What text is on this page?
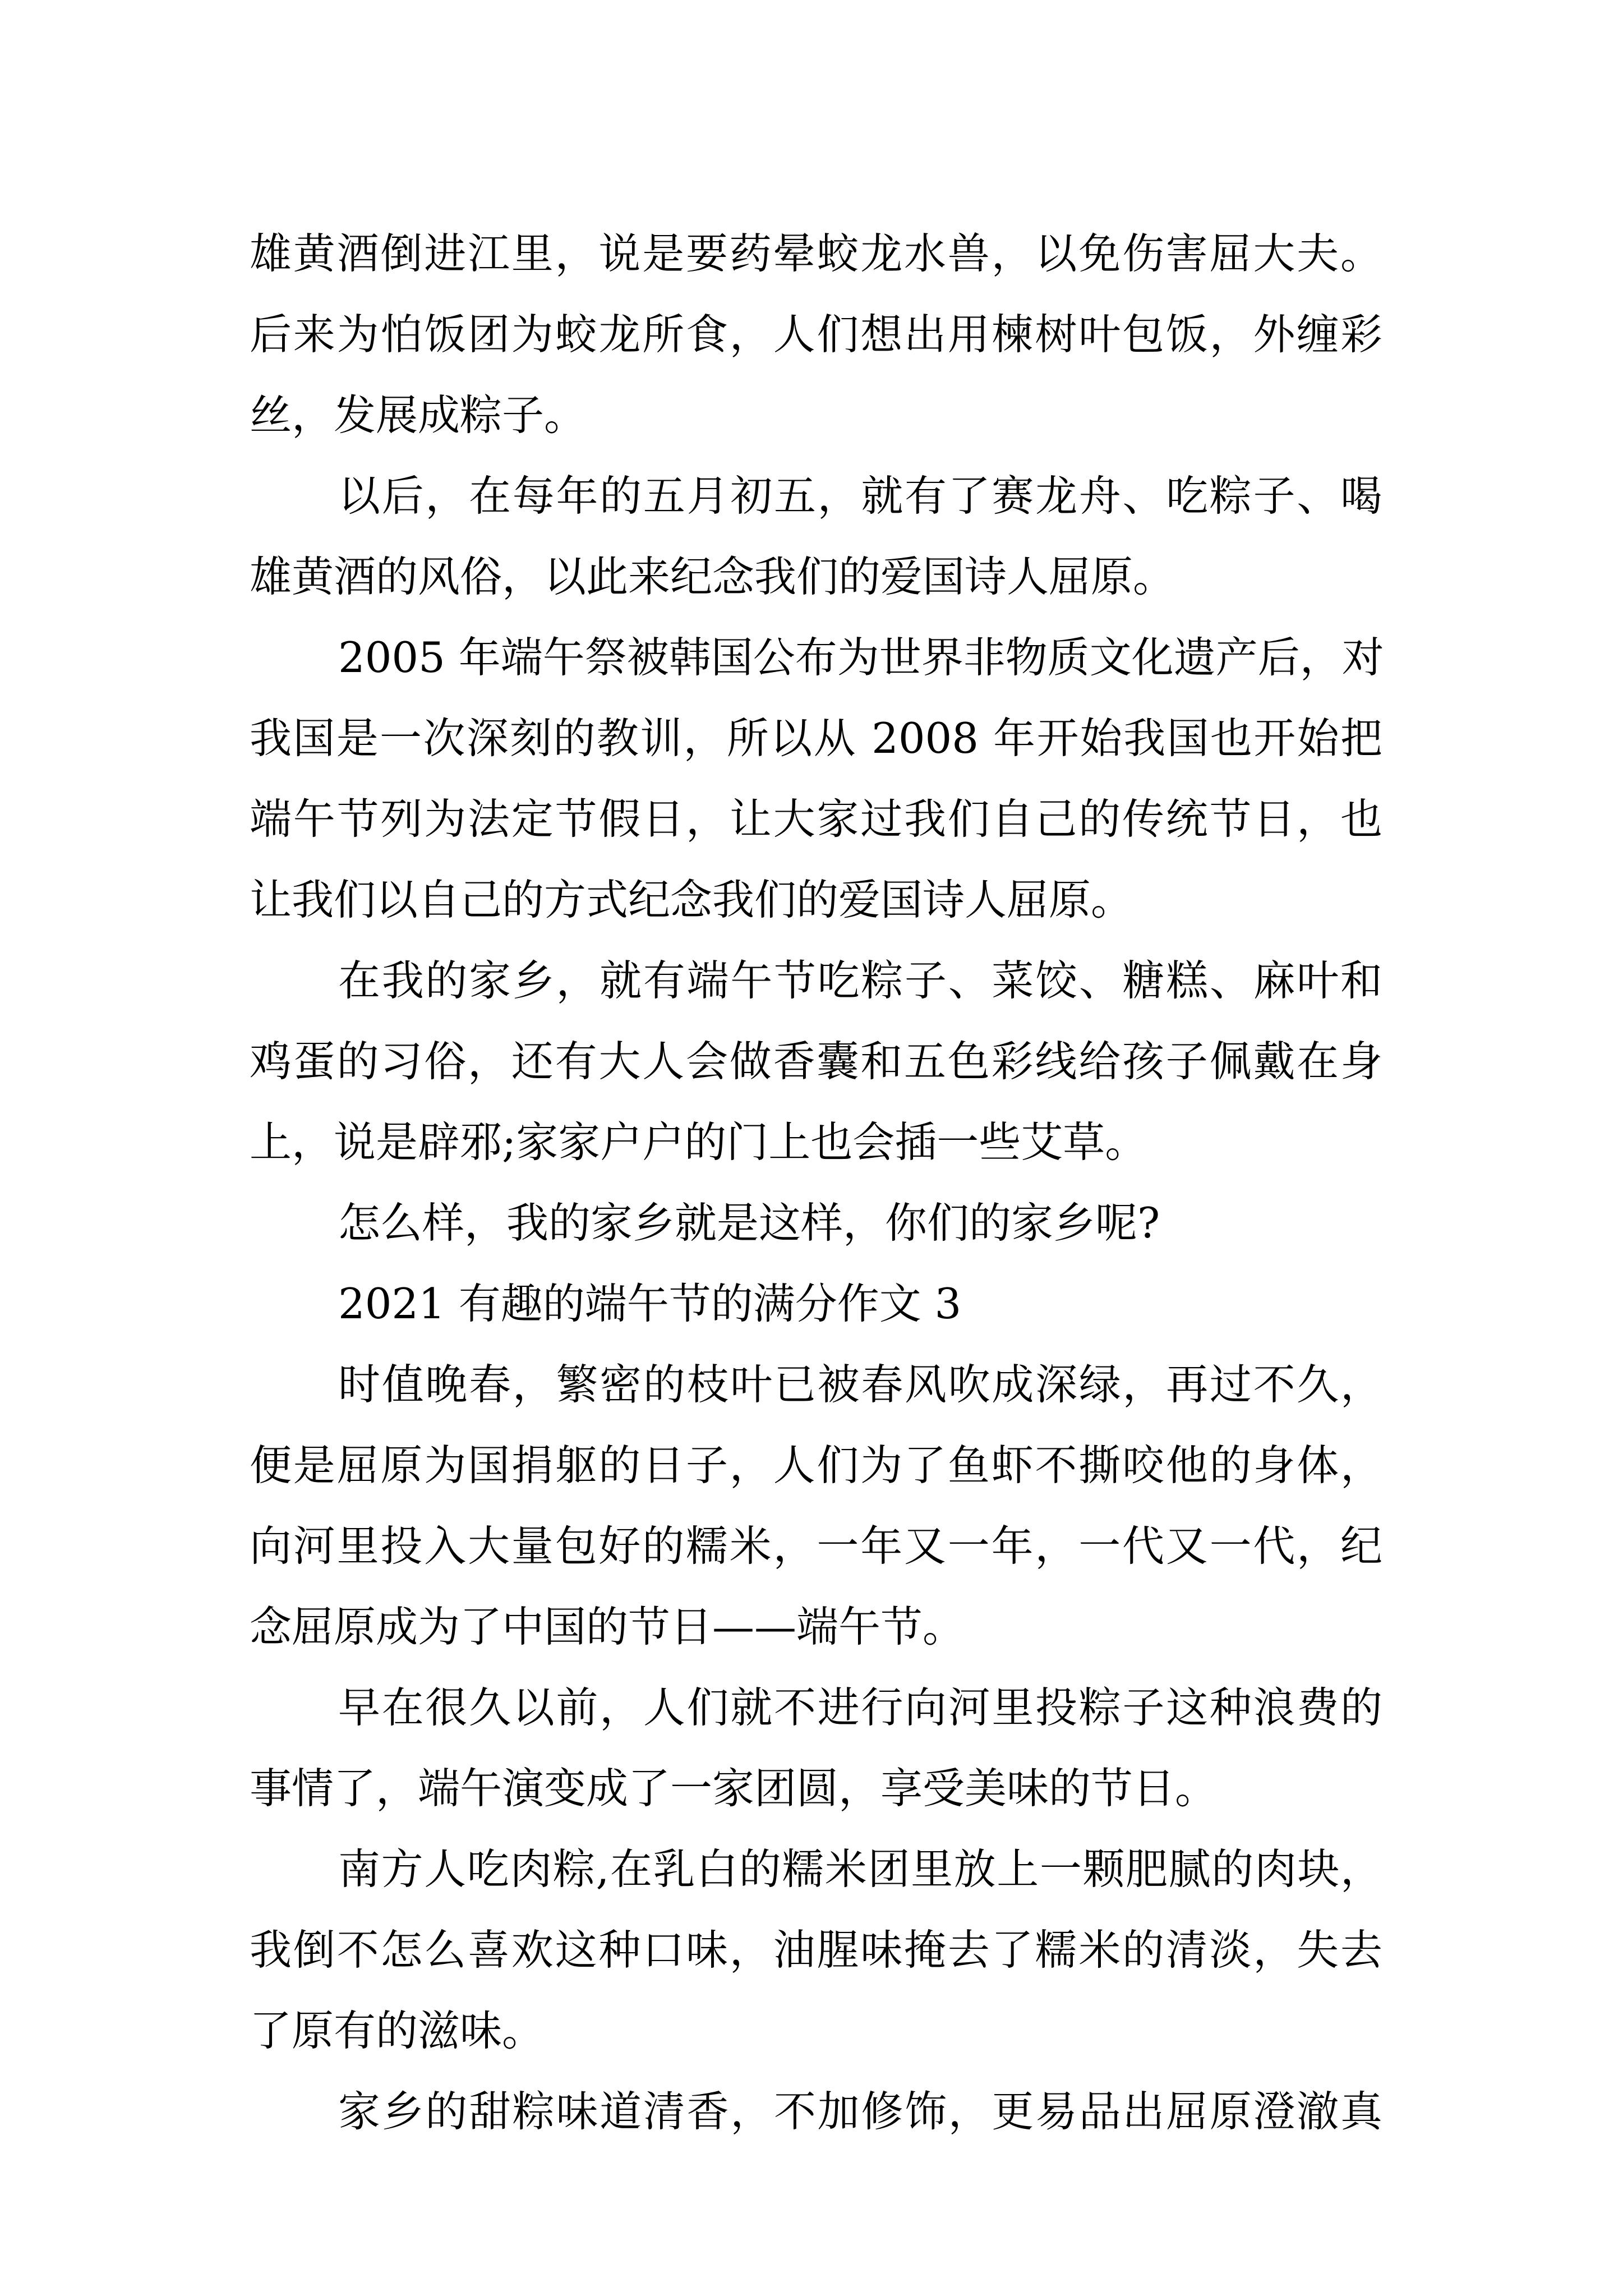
雄黄酒倒进江里，说是要药晕蛟龙水兽，以免伤害屈大夫。
后来为怕饭团为蛟龙所食，人们想出用楝树叶包饭，外缠彩
丝，发展成粽子。
以后，在每年的五月初五，就有了赛龙舟、吃粽子、喝
雄黄酒的风俗，以此来纪念我们的爱国诗人屈原。
2005 年端午祭被韩国公布为世界非物质文化遗产后，对
我国是一次深刻的教训，所以从 2008 年开始我国也开始把
端午节列为法定节假日，让大家过我们自己的传统节日，也
让我们以自己的方式纪念我们的爱国诗人屈原。
在我的家乡，就有端午节吃粽子、菜饺、糖糕、麻叶和
鸡蛋的习俗，还有大人会做香囊和五色彩线给孩子佩戴在身
上，说是辟邪;家家户户的门上也会插一些艾草。
怎么样，我的家乡就是这样，你们的家乡呢?
2021 有趣的端午节的满分作文 3
时值晚春，繁密的枝叶已被春风吹成深绿，再过不久，
便是屈原为国捐躯的日子，人们为了鱼虾不撕咬他的身体，
向河里投入大量包好的糯米，一年又一年，一代又一代，纪
念屈原成为了中国的节日——端午节。
早在很久以前，人们就不进行向河里投粽子这种浪费的
事情了，端午演变成了一家团圆，享受美味的节日。
南方人吃肉粽,在乳白的糯米团里放上一颗肥腻的肉块，
我倒不怎么喜欢这种口味，油腥味掩去了糯米的清淡，失去
了原有的滋味。
家乡的甜粽味道清香，不加修饰，更易品出屈原澄澈真
